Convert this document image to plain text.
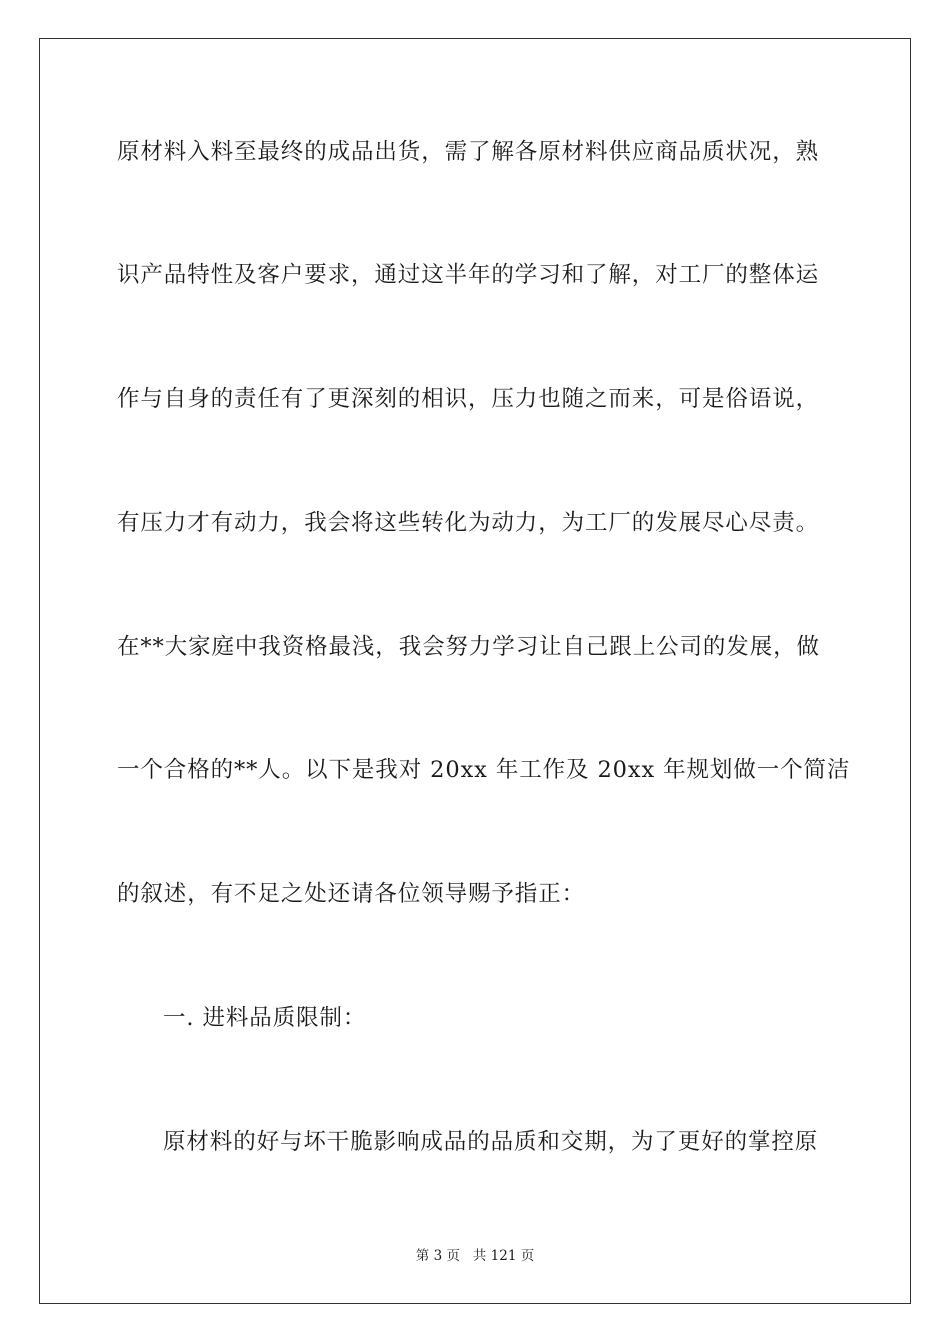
原材料入料至最终的成品出货，需了解各原材料供应商品质状况，熟
识产品特性及客户要求，通过这半年的学习和了解，对工厂的整体运
作与自身的责任有了更深刻的相识，压力也随之而来，可是俗语说，
有压力才有动力，我会将这些转化为动力，为工厂的发展尽心尽责。
在**大家庭中我资格最浅，我会努力学习让自己跟上公司的发展，做
一个合格的**人。以下是我对 20xx 年工作及 20xx 年规划做一个简洁
的叙述，有不足之处还请各位领导赐予指正：
一. 进料品质限制：
原材料的好与坏干脆影响成品的品质和交期，为了更好的掌控原
第 3 页 共 121 页
